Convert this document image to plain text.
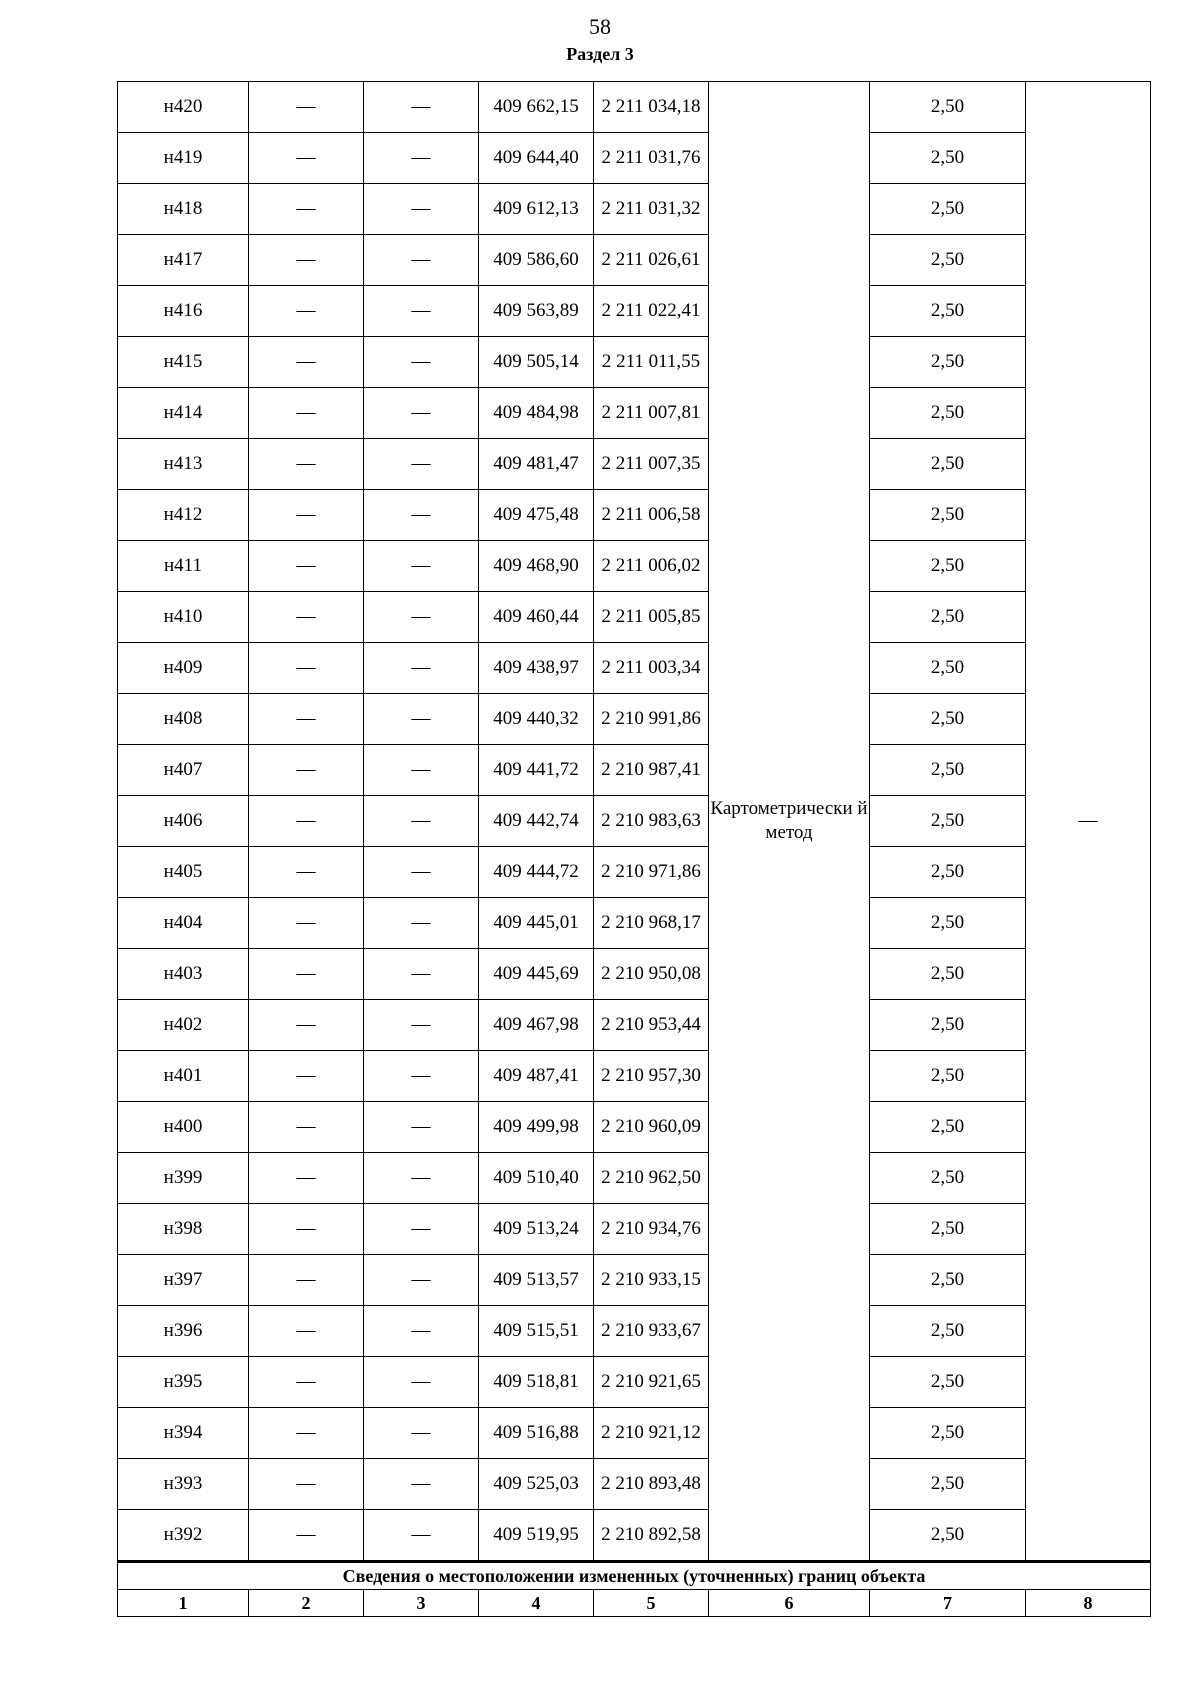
58
Раздел 3
н420	—	—	409 662,15	2 211 034,18	Картометрически й метод	2,50	—
н419	—	—	409 644,40	2 211 031,76		2,50	
н418	—	—	409 612,13	2 211 031,32		2,50	
н417	—	—	409 586,60	2 211 026,61		2,50	
н416	—	—	409 563,89	2 211 022,41		2,50	
н415	—	—	409 505,14	2 211 011,55		2,50	
н414	—	—	409 484,98	2 211 007,81		2,50	
н413	—	—	409 481,47	2 211 007,35		2,50	
н412	—	—	409 475,48	2 211 006,58		2,50	
н411	—	—	409 468,90	2 211 006,02		2,50	
н410	—	—	409 460,44	2 211 005,85		2,50	
н409	—	—	409 438,97	2 211 003,34		2,50	
н408	—	—	409 440,32	2 210 991,86		2,50	
н407	—	—	409 441,72	2 210 987,41		2,50	
н406	—	—	409 442,74	2 210 983,63		2,50	
н405	—	—	409 444,72	2 210 971,86		2,50	
н404	—	—	409 445,01	2 210 968,17		2,50	
н403	—	—	409 445,69	2 210 950,08		2,50	
н402	—	—	409 467,98	2 210 953,44		2,50	
н401	—	—	409 487,41	2 210 957,30		2,50	
н400	—	—	409 499,98	2 210 960,09		2,50	
н399	—	—	409 510,40	2 210 962,50		2,50	
н398	—	—	409 513,24	2 210 934,76		2,50	
н397	—	—	409 513,57	2 210 933,15		2,50	
н396	—	—	409 515,51	2 210 933,67		2,50	
н395	—	—	409 518,81	2 210 921,65		2,50	
н394	—	—	409 516,88	2 210 921,12		2,50	
н393	—	—	409 525,03	2 210 893,48		2,50	
н392	—	—	409 519,95	2 210 892,58		2,50	
Сведения о местоположении измененных (уточненных) границ объекта							
1	2	3	4	5	6	7	8
